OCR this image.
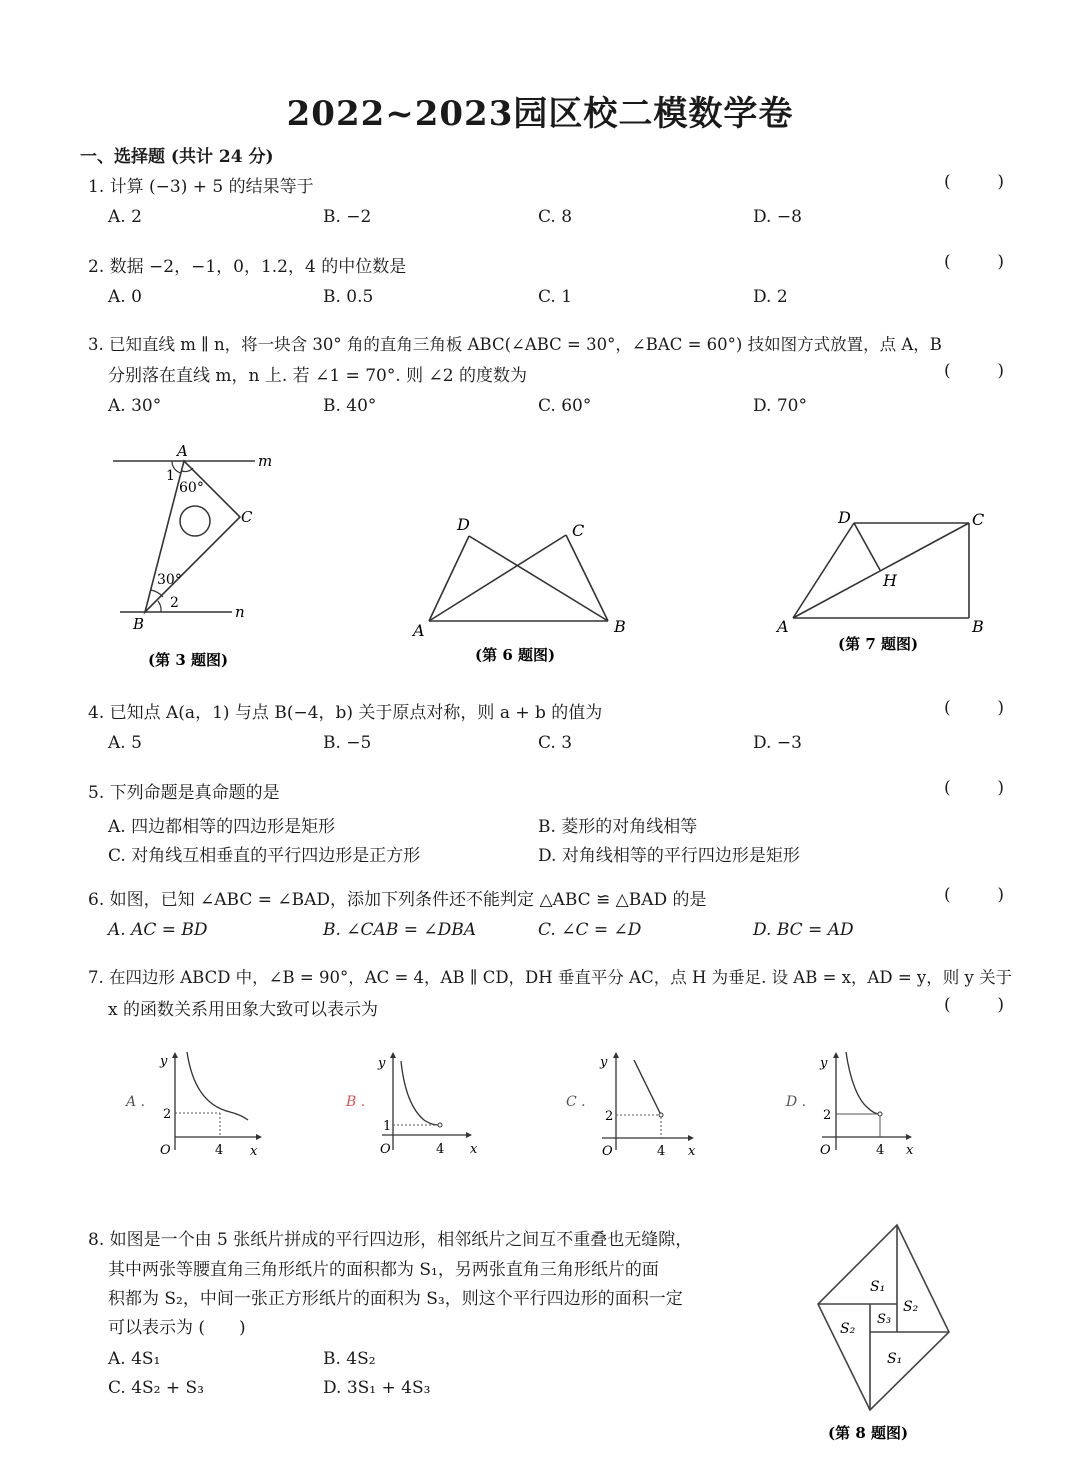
2022~2023园区校二模数学卷
一、选择题 (共计 24 分)
1. 计算 (−3) + 5 的结果等于	(	)
A. 2	B. −2	C. 8	D. −8
2. 数据 −2，−1，0，1.2，4 的中位数是	(	)
A. 0	B. 0.5	C. 1	D. 2
3. 已知直线 m ∥ n，将一块含 30° 角的直角三角板 ABC(∠ABC = 30°，∠BAC = 60°) 技如图方式放置，点 A，B
分别落在直线 m，n 上. 若 ∠1 = 70°. 则 ∠2 的度数为	(	)
A. 30°	B. 40°	C. 60°	D. 70°
A
m
1
60°
C
30°
2	n
B
(第 3 题图)
D	C
A	B
(第 6 题图)
D	C
H
A	B
(第 7 题图)
4. 已知点 A(a，1) 与点 B(−4，b) 关于原点对称，则 a + b 的值为	(	)
A. 5	B. −5	C. 3	D. −3
5. 下列命题是真命题的是	(	)
A. 四边都相等的四边形是矩形	B. 菱形的对角线相等
C. 对角线互相垂直的平行四边形是正方形	D. 对角线相等的平行四边形是矩形
6. 如图，已知 ∠ABC = ∠BAD，添加下列条件还不能判定 △ABC ≌ △BAD 的是	(	)
A. AC = BD	B. ∠CAB = ∠DBA	C. ∠C = ∠D	D. BC = AD
7. 在四边形 ABCD 中，∠B = 90°，AC = 4，AB ∥ CD，DH 垂直平分 AC，点 H 为垂足. 设 AB = x，AD = y，则 y 关于
x 的函数关系用田象大致可以表示为	(	)
A .
2
4
O	x
y
B .
1
4
O	x
y
C .
2
4
O	x
y
D .
2
4
O	x
y
8. 如图是一个由 5 张纸片拼成的平行四边形，相邻纸片之间互不重叠也无缝隙，
其中两张等腰直角三角形纸片的面积都为 S₁，另两张直角三角形纸片的面
积都为 S₂，中间一张正方形纸片的面积为 S₃，则这个平行四边形的面积一定
可以表示为 (　　)
A. 4S₁	B. 4S₂
C. 4S₂ + S₃	D. 3S₁ + 4S₃
S₁
S₂
S₃
S₂
S₁
(第 8 题图)
